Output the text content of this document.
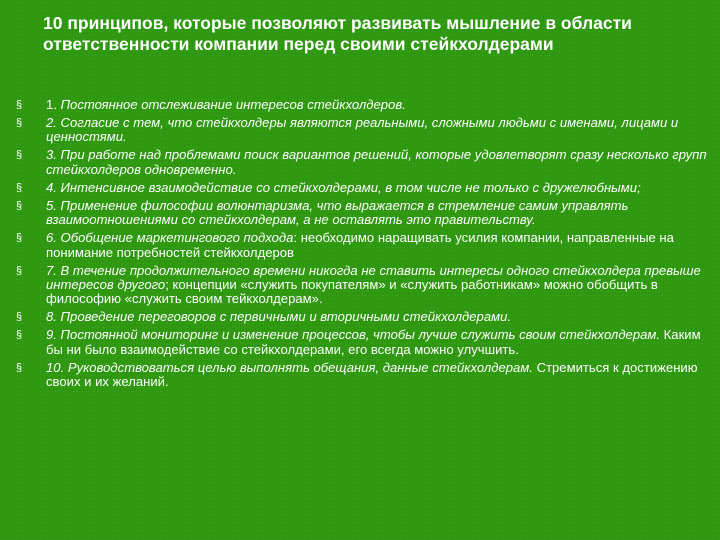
10 принципов, которые позволяют развивать мышление в области ответственности компании перед своими стейкхолдерами
§ 1. Постоянное отслеживание интересов стейкхолдеров.
§ 2. Согласие с тем, что стейкхолдеры являются реальными, сложными людьми с именами, лицами и ценностями.
§ 3. При работе над проблемами поиск вариантов решений, которые удовлетворят сразу несколько групп стейкхолдеров одновременно.
§ 4. Интенсивное взаимодействие со стейкхолдерами, в том числе не только с дружелюбными;
§ 5. Применение философии волюнтаризма, что выражается в стремление самим управлять взаимоотношениями со стейкхолдерам, а не оставлять это правительству.
§ 6. Обобщение маркетингового подхода: необходимо наращивать усилия компании, направленные на понимание потребностей стейкхолдеров
§ 7. В течение продолжительного времени никогда не ставить интересы одного стейкхолдера превыше интересов другого; концепции «служить покупателям» и «служить работникам» можно обобщить в философию «служить своим тейкхолдерам».
§ 8. Проведение переговоров с первичными и вторичными стейкхолдерами.
§ 9. Постоянной мониторинг и изменение процессов, чтобы лучше служить своим стейкхолдерам. Каким бы ни было взаимодействие со стейкхолдерами, его всегда можно улучшить.
§ 10. Руководствоваться целью выполнять обещания, данные стейкхолдерам. Стремиться к достижению своих и их желаний.
